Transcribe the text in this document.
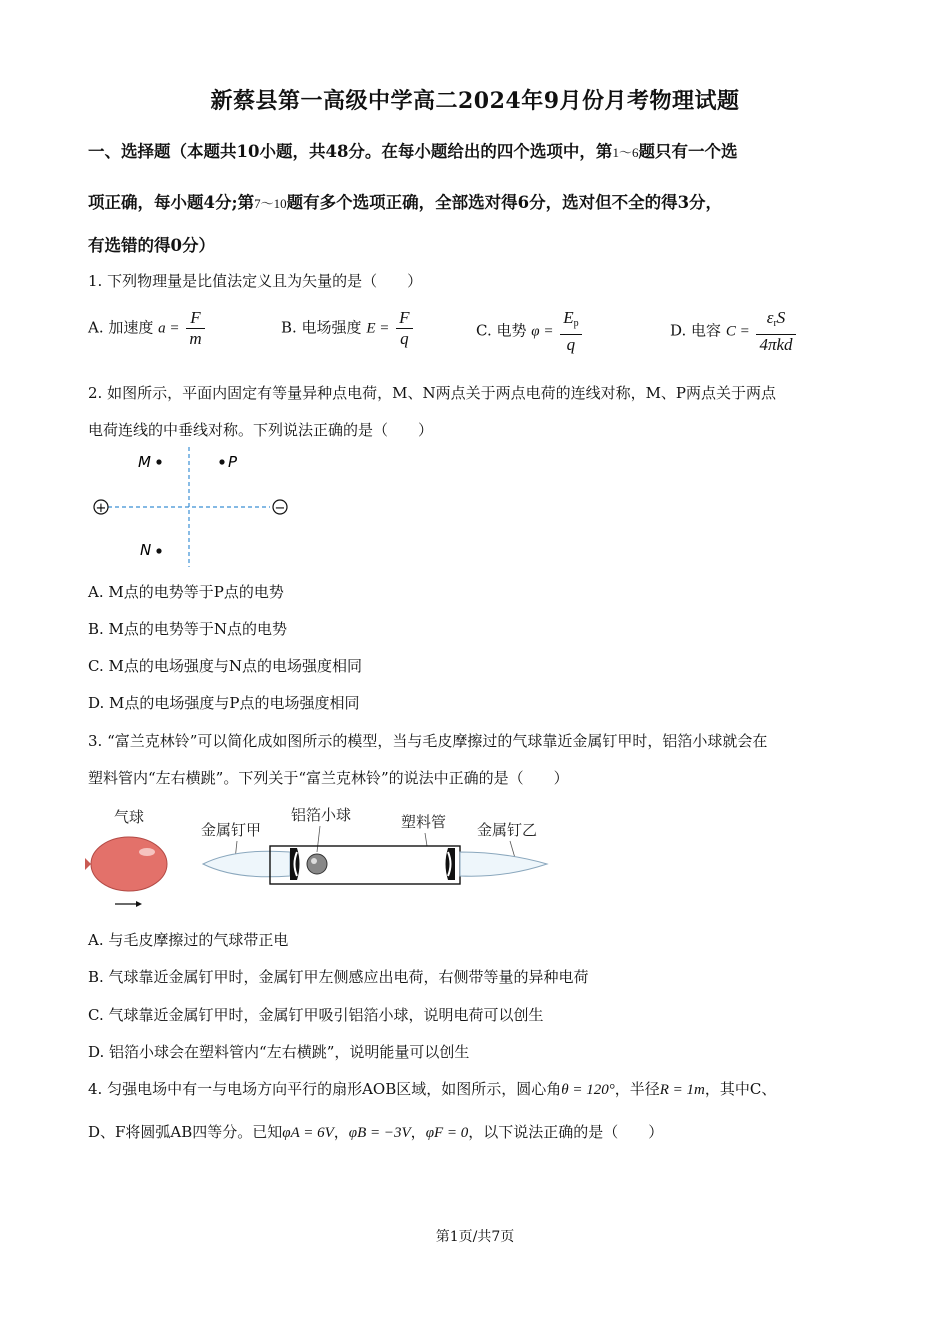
新蔡县第一高级中学高二2024年9月份月考物理试题
一、选择题（本题共10小题，共48分。在每小题给出的四个选项中，第1～6题只有一个选
项正确，每小题4分;第7～10题有多个选项正确，全部选对得6分，选对但不全的得3分，
有选错的得0分）
1. 下列物理量是比值法定义且为矢量的是（　　）
A. 加速度 $a = \frac{F}{m}$	B. 电场强度 $E = \frac{F}{q}$	C. 电势 $\varphi = \frac{E_p}{q}$	D. 电容 $C = \frac{\varepsilon_rS}{\text{4πkd}}$
2. 如图所示，平面内固定有等量异种点电荷，M、N两点关于两点电荷的连线对称，M、P两点关于两点
电荷连线的中垂线对称。下列说法正确的是（　　）
+	−
M	P
N
A. M点的电势等于P点的电势
B. M点的电势等于N点的电势
C. M点的电场强度与N点的电场强度相同
D. M点的电场强度与P点的电场强度相同
3. “富兰克林铃”可以简化成如图所示的模型，当与毛皮摩擦过的气球靠近金属钉甲时，铝箔小球就会在
塑料管内“左右横跳”。下列关于“富兰克林铃”的说法中正确的是（　　）
气球
金属钉甲
铝箔小球	塑料管 金属钉乙
A. 与毛皮摩擦过的气球带正电
B. 气球靠近金属钉甲时，金属钉甲左侧感应出电荷，右侧带等量的异种电荷
C. 气球靠近金属钉甲时，金属钉甲吸引铝箔小球，说明电荷可以创生
D. 铝箔小球会在塑料管内“左右横跳”，说明能量可以创生
4. 匀强电场中有一与电场方向平行的扇形AOB区域，如图所示，圆心角θ = 120°，半径R = 1m，其中C、
D、F将圆弧AB四等分。已知φA = 6V，φB = −3V，φF = 0，以下说法正确的是（　　）
第1页/共7页
